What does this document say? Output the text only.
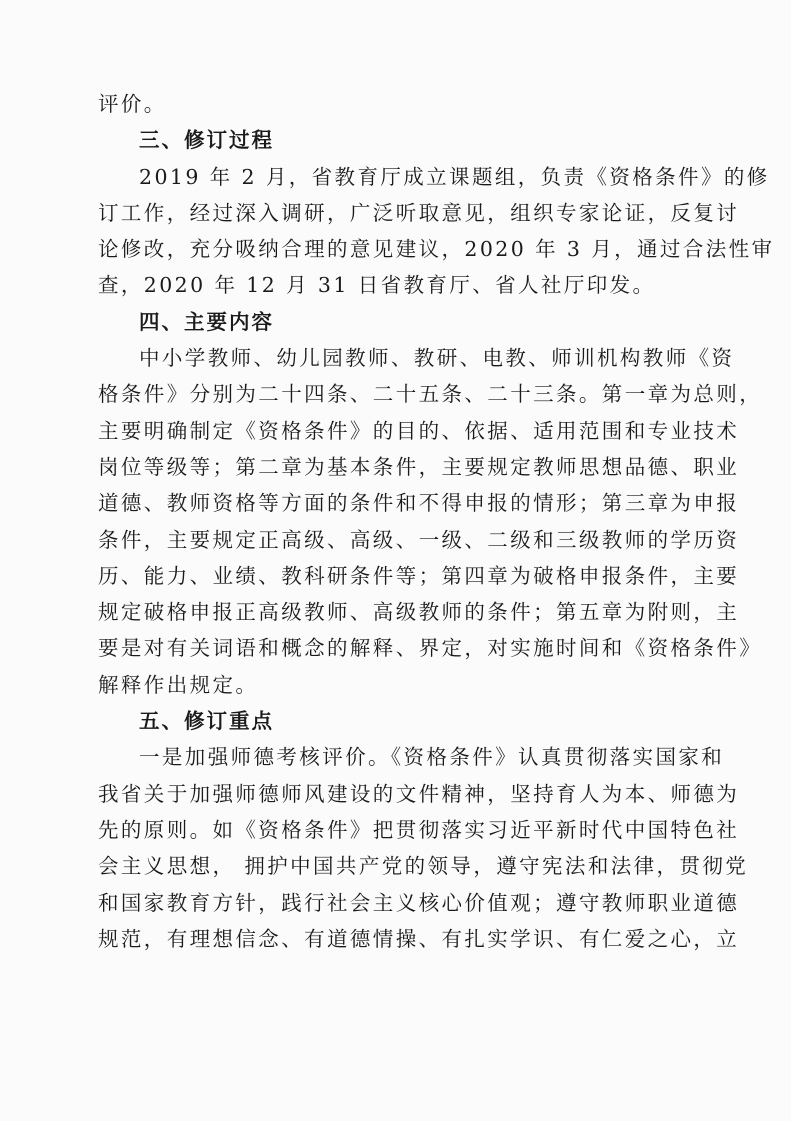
评价。
三、修订过程
2019 年 2 月，省教育厅成立课题组，负责《资格条件》的修
订工作，经过深入调研，广泛听取意见，组织专家论证，反复讨
论修改，充分吸纳合理的意见建议，2020 年 3 月，通过合法性审
查，2020 年 12 月 31 日省教育厅、省人社厅印发。
四、主要内容
中小学教师、幼儿园教师、教研、电教、师训机构教师《资
格条件》分别为二十四条、二十五条、二十三条。第一章为总则，
主要明确制定《资格条件》的目的、依据、适用范围和专业技术
岗位等级等；第二章为基本条件，主要规定教师思想品德、职业
道德、教师资格等方面的条件和不得申报的情形；第三章为申报
条件，主要规定正高级、高级、一级、二级和三级教师的学历资
历、能力、业绩、教科研条件等；第四章为破格申报条件，主要
规定破格申报正高级教师、高级教师的条件；第五章为附则，主
要是对有关词语和概念的解释、界定，对实施时间和《资格条件》
解释作出规定。
五、修订重点
一是加强师德考核评价。《资格条件》认真贯彻落实国家和
我省关于加强师德师风建设的文件精神，坚持育人为本、师德为
先的原则。如《资格条件》把贯彻落实习近平新时代中国特色社
会主义思想， 拥护中国共产党的领导，遵守宪法和法律，贯彻党
和国家教育方针，践行社会主义核心价值观；遵守教师职业道德
规范，有理想信念、有道德情操、有扎实学识、有仁爱之心，立
